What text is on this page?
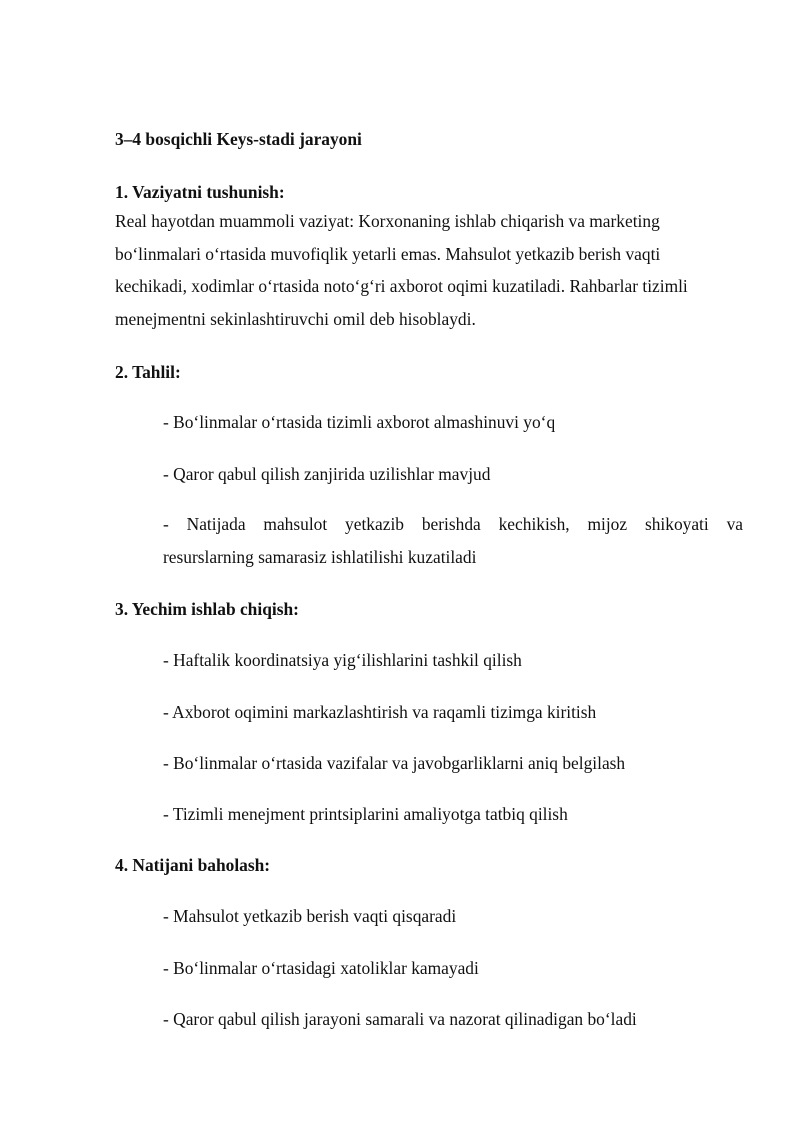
3–4 bosqichli Keys-stadi jarayoni
1. Vaziyatni tushunish:

Real hayotdan muammoli vaziyat: Korxonaning ishlab chiqarish va marketing
bo‘linmalari o‘rtasida muvofiqlik yetarli emas. Mahsulot yetkazib berish vaqti
kechikadi, xodimlar o‘rtasida noto‘g‘ri axborot oqimi kuzatiladi. Rahbarlar tizimli
menejmentni sekinlashtiruvchi omil deb hisoblaydi.

2. Tahlil:

- Bo‘linmalar o‘rtasida tizimli axborot almashinuvi yo‘q

- Qaror qabul qilish zanjirida uzilishlar mavjud

- Natijada mahsulot yetkazib berishda kechikish, mijoz shikoyati va
resurslarning samarasiz ishlatilishi kuzatiladi

3. Yechim ishlab chiqish:

- Haftalik koordinatsiya yig‘ilishlarini tashkil qilish

- Axborot oqimini markazlashtirish va raqamli tizimga kiritish

- Bo‘linmalar o‘rtasida vazifalar va javobgarliklarni aniq belgilash

- Tizimli menejment printsiplarini amaliyotga tatbiq qilish

4. Natijani baholash:

- Mahsulot yetkazib berish vaqti qisqaradi

- Bo‘linmalar o‘rtasidagi xatoliklar kamayadi

- Qaror qabul qilish jarayoni samarali va nazorat qilinadigan bo‘ladi
